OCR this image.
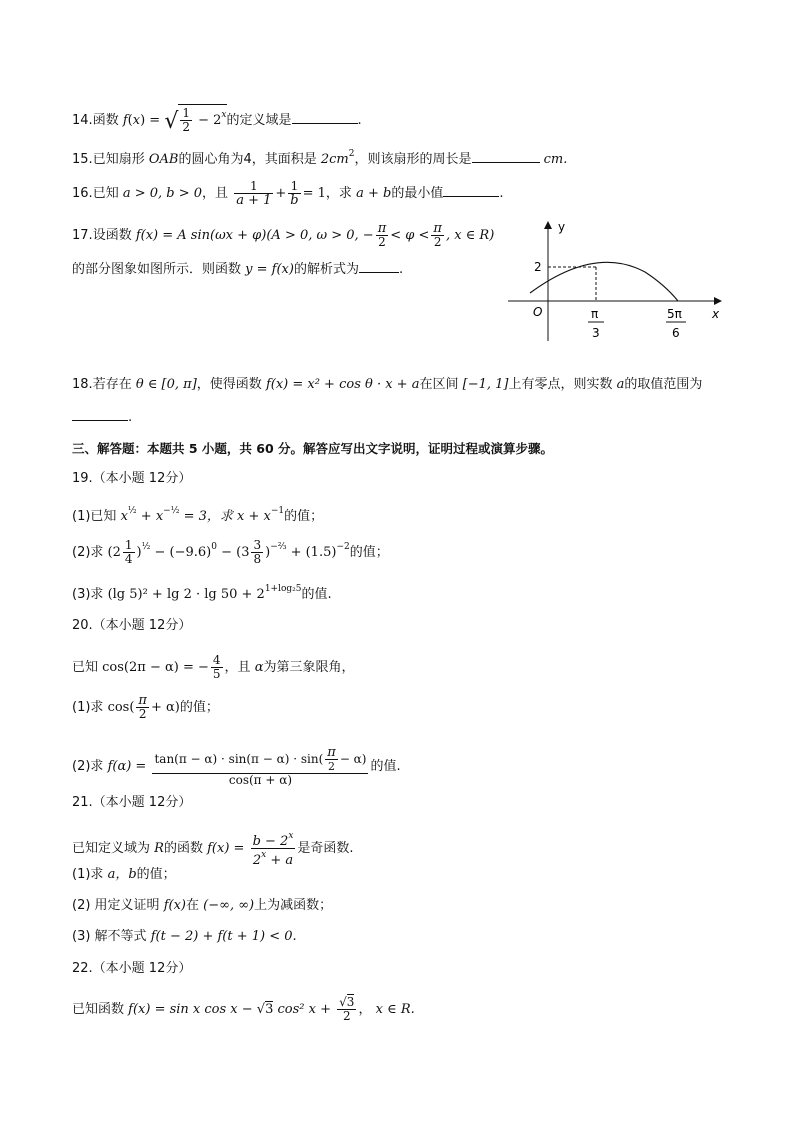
14.函数 f(x) = √ $\frac{1}{2} - 2^x$的定义域是	.
15.已知扇形 OAB的圆心角为4，其面积是 $2cm^2$，则该扇形的周长是	cm.
16.已知 a > 0, b > 0，且 $\frac{1}{a + 1} + \frac{1}{b} = 1$，求 a + b的最小值	.
17.设函数 f(x) = A sin(ωx + φ)(A > 0, ω > 0, − $\frac{\pi}{2} < \varphi < \frac{\pi}{2}$ , x ∈ R)
的部分图象如图所示．则函数 y = f(x)的解析式为	.
y
x
O
2
π
3
5π
6
18.若存在 θ ∈ [0, π]，使得函数 f(x) = x² + cos θ · x + a在区间 [−1, 1]上有零点，则实数 a的取值范围为
.
三、解答题：本题共 5 小题，共 60 分。解答应写出文字说明，证明过程或演算步骤。
19.（本小题 12分）
(1)已知 $x^{\frac{1}{2}} + x^{-\frac{1}{2}} = 3$，求 $x + x^{-1}$的值；
(2)求 $(2 \frac{1}{4} )^{\frac{1}{2}} - (-9.6)^0 - (3 \frac{3}{8} )^{-\frac{2}{3}} + (1.5)^{-2}$的值；
(3)求 (lg $5)^2 + \lg 2 \cdot \lg 50 + 2^{1+log_25}$的值.
20.（本小题 12分）
已知 cos(2π − α) = − $\frac{4}{5}$ ，且 α为第三象限角，
(1)求 $\cos( \frac{\pi}{2} + \alpha)$的值；
(2)求 $f(\alpha) = \frac{\tan(\pi - \alpha) \cdot \sin(\pi - \alpha) \cdot \sin( \frac{\pi}{2} - \alpha)}{\cos(\pi + \alpha)}$ 的值.
21.（本小题 12分）
已知定义域为 R的函数 $f(x) = \frac{b - 2^x}{2^x + a}$ 是奇函数.
(1)求 a，b的值；
(2) 用定义证明 f(x)在 (−∞, ∞)上为减函数；
(3) 解不等式 f(t − 2) + f(t + 1) < 0.
22.（本小题 12分）
已知函数 f(x) = sin x cos x − √3 cos² $x + \frac{√3}{2}$ ， x ∈ R.
